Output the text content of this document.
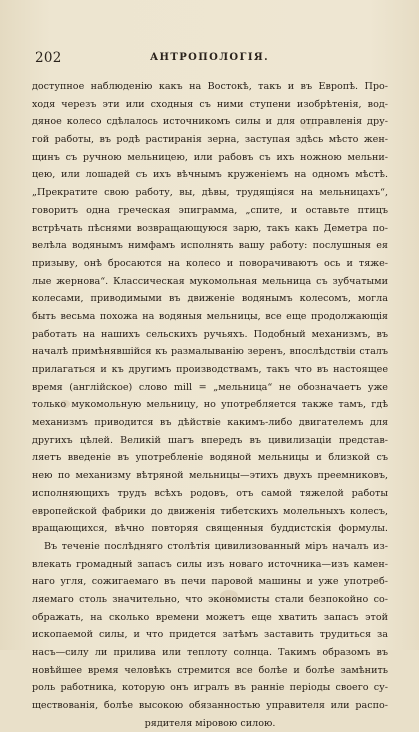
202	АНТРОПОЛОГІЯ.
доступное наблюденію какъ на Востокѣ, такъ и въ Европѣ. Про-
ходя черезъ эти или сходныя съ ними ступени изобрѣтенія, вод-
дяное колесо сдѣлалось источникомъ силы и для отправленія дру-
гой работы, въ родѣ растиранія зерна, заступая здѣсь мѣсто жен-
щинъ съ ручною мельницею, или рабовъ съ ихъ ножною мельни-
цею, или лошадей съ ихъ вѣчнымъ круженіемъ на одномъ мѣстѣ.
„Прекратите свою работу, вы, дѣвы, трудящіяся на мельницахъ“,
говоритъ одна греческая эпиграмма, „спите, и оставьте птицъ
встрѣчать пѣснями возвращающуюся зарю, такъ какъ Деметра по-
велѣла водянымъ нимфамъ исполнять вашу работу: послушныя ея
призыву, онѣ бросаются на колесо и поворачиваютъ ось и тяже-
лые жернова“. Классическая мукомольная мельница съ зубчатыми
колесами, приводимыми въ движеніе водянымъ колесомъ, могла
быть весьма похожа на водяныя мельницы, все еще продолжающія
работать на нашихъ сельскихъ ручьяхъ. Подобный механизмъ, въ
началѣ примѣнявшійся къ размалыванію зеренъ, впослѣдствіи сталъ
прилагаться и къ другимъ производствамъ, такъ что въ настоящее
время (англійское) слово mill = „мельница“ не обозначаетъ уже
только мукомольную мельницу, но употребляется также тамъ, гдѣ
механизмъ приводится въ дѣйствіе какимъ-либо двигателемъ для
другихъ цѣлей. Великій шагъ впередъ въ цивилизаціи представ-
ляетъ введеніе въ употребленіе водяной мельницы и близкой съ
нею по механизму вѣтряной мельницы—этихъ двухъ преемниковъ,
исполняющихъ трудъ всѣхъ родовъ, отъ самой тяжелой работы
европейской фабрики до движенія тибетскихъ молельныхъ колесъ,
вращающихся, вѣчно повторяя священныя буддистскія формулы.
Въ теченіе послѣдняго столѣтія цивилизованный міръ началъ из-
влекать громадный запасъ силы изъ новаго источника—изъ камен-
наго угля, сожигаемаго въ печи паровой машины и уже употреб-
ляемаго столь значительно, что экономисты стали безпокойно со-
ображать, на сколько времени можетъ еще хватить запасъ этой
ископаемой силы, и что придется затѣмъ заставить трудиться за
насъ—силу ли прилива или теплоту солнца. Такимъ образомъ въ
новѣйшее время человѣкъ стремится все болѣе и болѣе замѣнить
роль работника, которую онъ игралъ въ ранніе періоды своего су-
ществованія, болѣе высокою обязанностью управителя или распо-
рядителя міровою силою.
